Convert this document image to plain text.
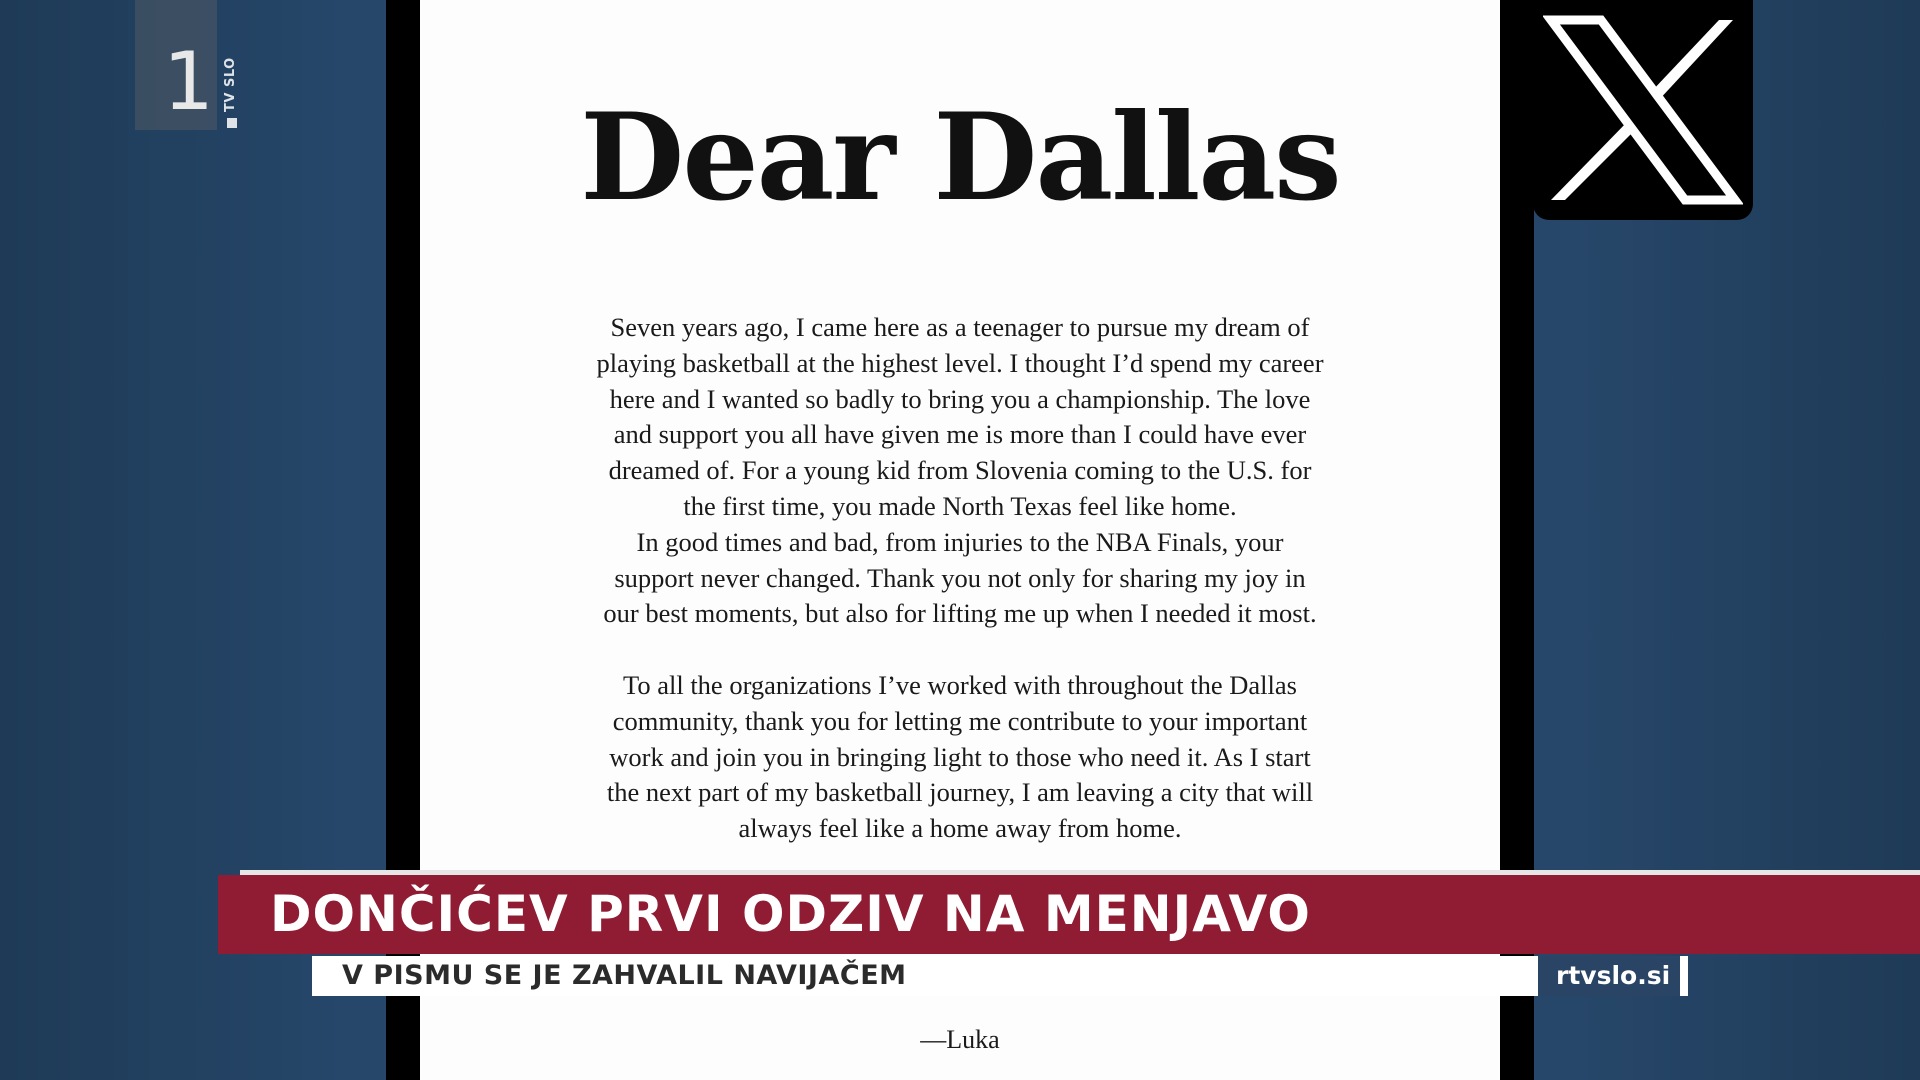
1 TV SLO
Dear Dallas

Seven years ago, I came here as a teenager to pursue my dream of

playing basketball at the highest level. I thought I’d spend my career

here and I wanted so badly to bring you a championship. The love

and support you all have given me is more than I could have ever

dreamed of. For a young kid from Slovenia coming to the U.S. for

the first time, you made North Texas feel like home.

In good times and bad, from injuries to the NBA Finals, your

support never changed. Thank you not only for sharing my joy in

our best moments, but also for lifting me up when I needed it most.

To all the organizations I’ve worked with throughout the Dallas

community, thank you for letting me contribute to your important

work and join you in bringing light to those who need it. As I start

the next part of my basketball journey, I am leaving a city that will

always feel like a home away from home.

—Luka
DONČIĆEV PRVI ODZIV NA MENJAVO
V PISMU SE JE ZAHVALIL NAVIJAČEM	rtvslo.si
